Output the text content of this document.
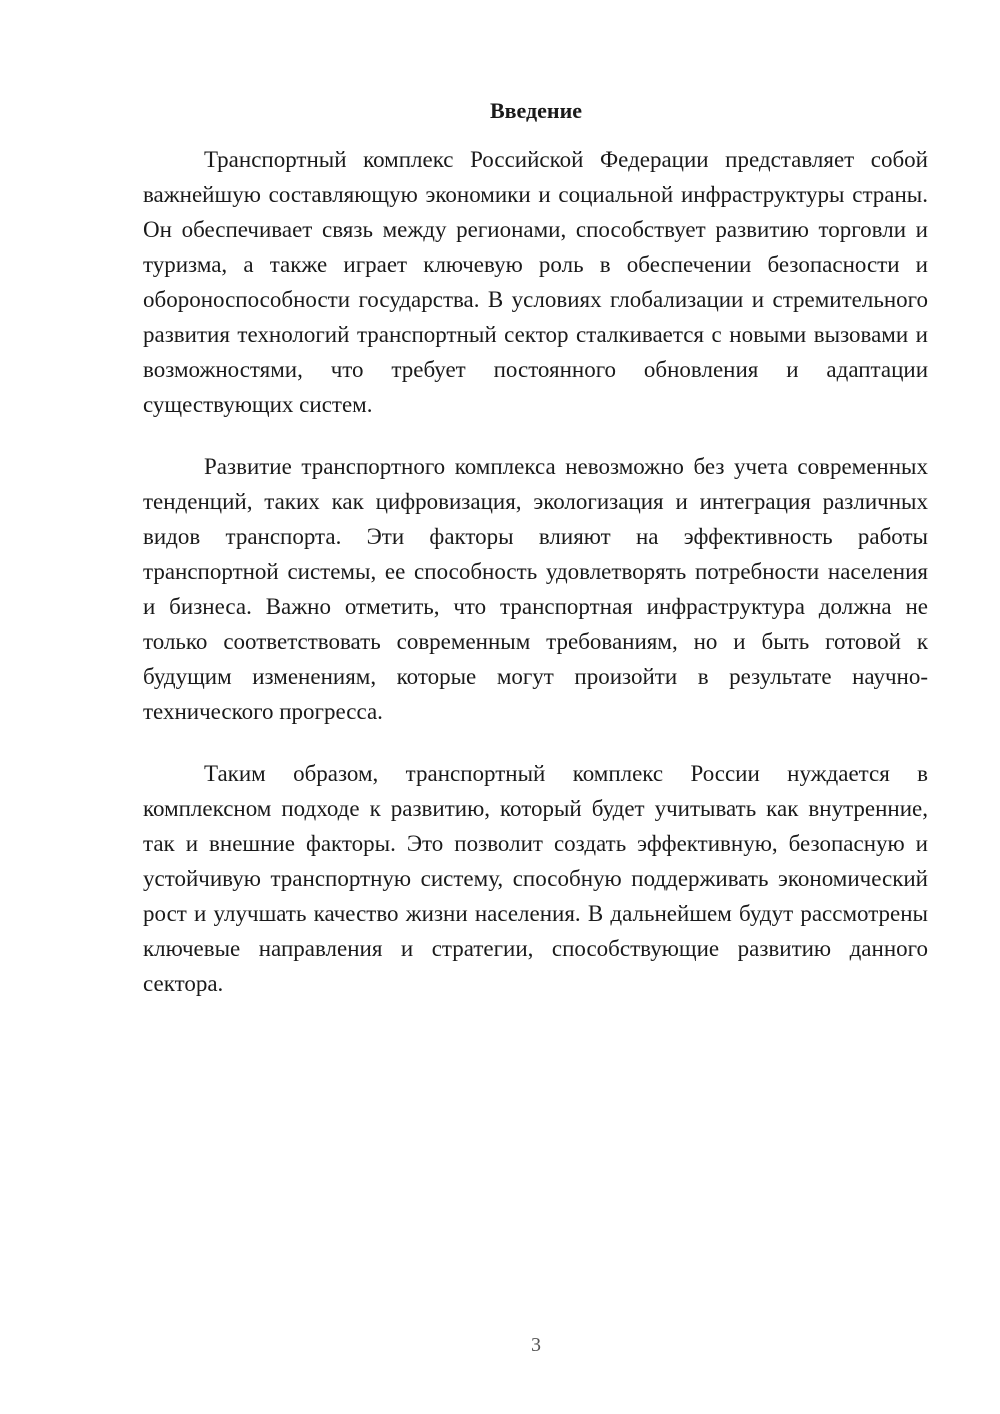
Введение

Транспортный комплекс Российской Федерации представляет собой важнейшую составляющую экономики и социальной инфраструктуры страны. Он обеспечивает связь между регионами, способствует развитию торговли и туризма, а также играет ключевую роль в обеспечении безопасности и обороноспособности государства. В условиях глобализации и стремительного развития технологий транспортный сектор сталкивается с новыми вызовами и возможностями, что требует постоянного обновления и адаптации существующих систем.

Развитие транспортного комплекса невозможно без учета современных тенденций, таких как цифровизация, экологизация и интеграция различных видов транспорта. Эти факторы влияют на эффективность работы транспортной системы, ее способность удовлетворять потребности населения и бизнеса. Важно отметить, что транспортная инфраструктура должна не только соответствовать современным требованиям, но и быть готовой к будущим изменениям, которые могут произойти в результате научно-технического прогресса.

Таким образом, транспортный комплекс России нуждается в комплексном подходе к развитию, который будет учитывать как внутренние, так и внешние факторы. Это позволит создать эффективную, безопасную и устойчивую транспортную систему, способную поддерживать экономический рост и улучшать качество жизни населения. В дальнейшем будут рассмотрены ключевые направления и стратегии, способствующие развитию данного сектора.

3
